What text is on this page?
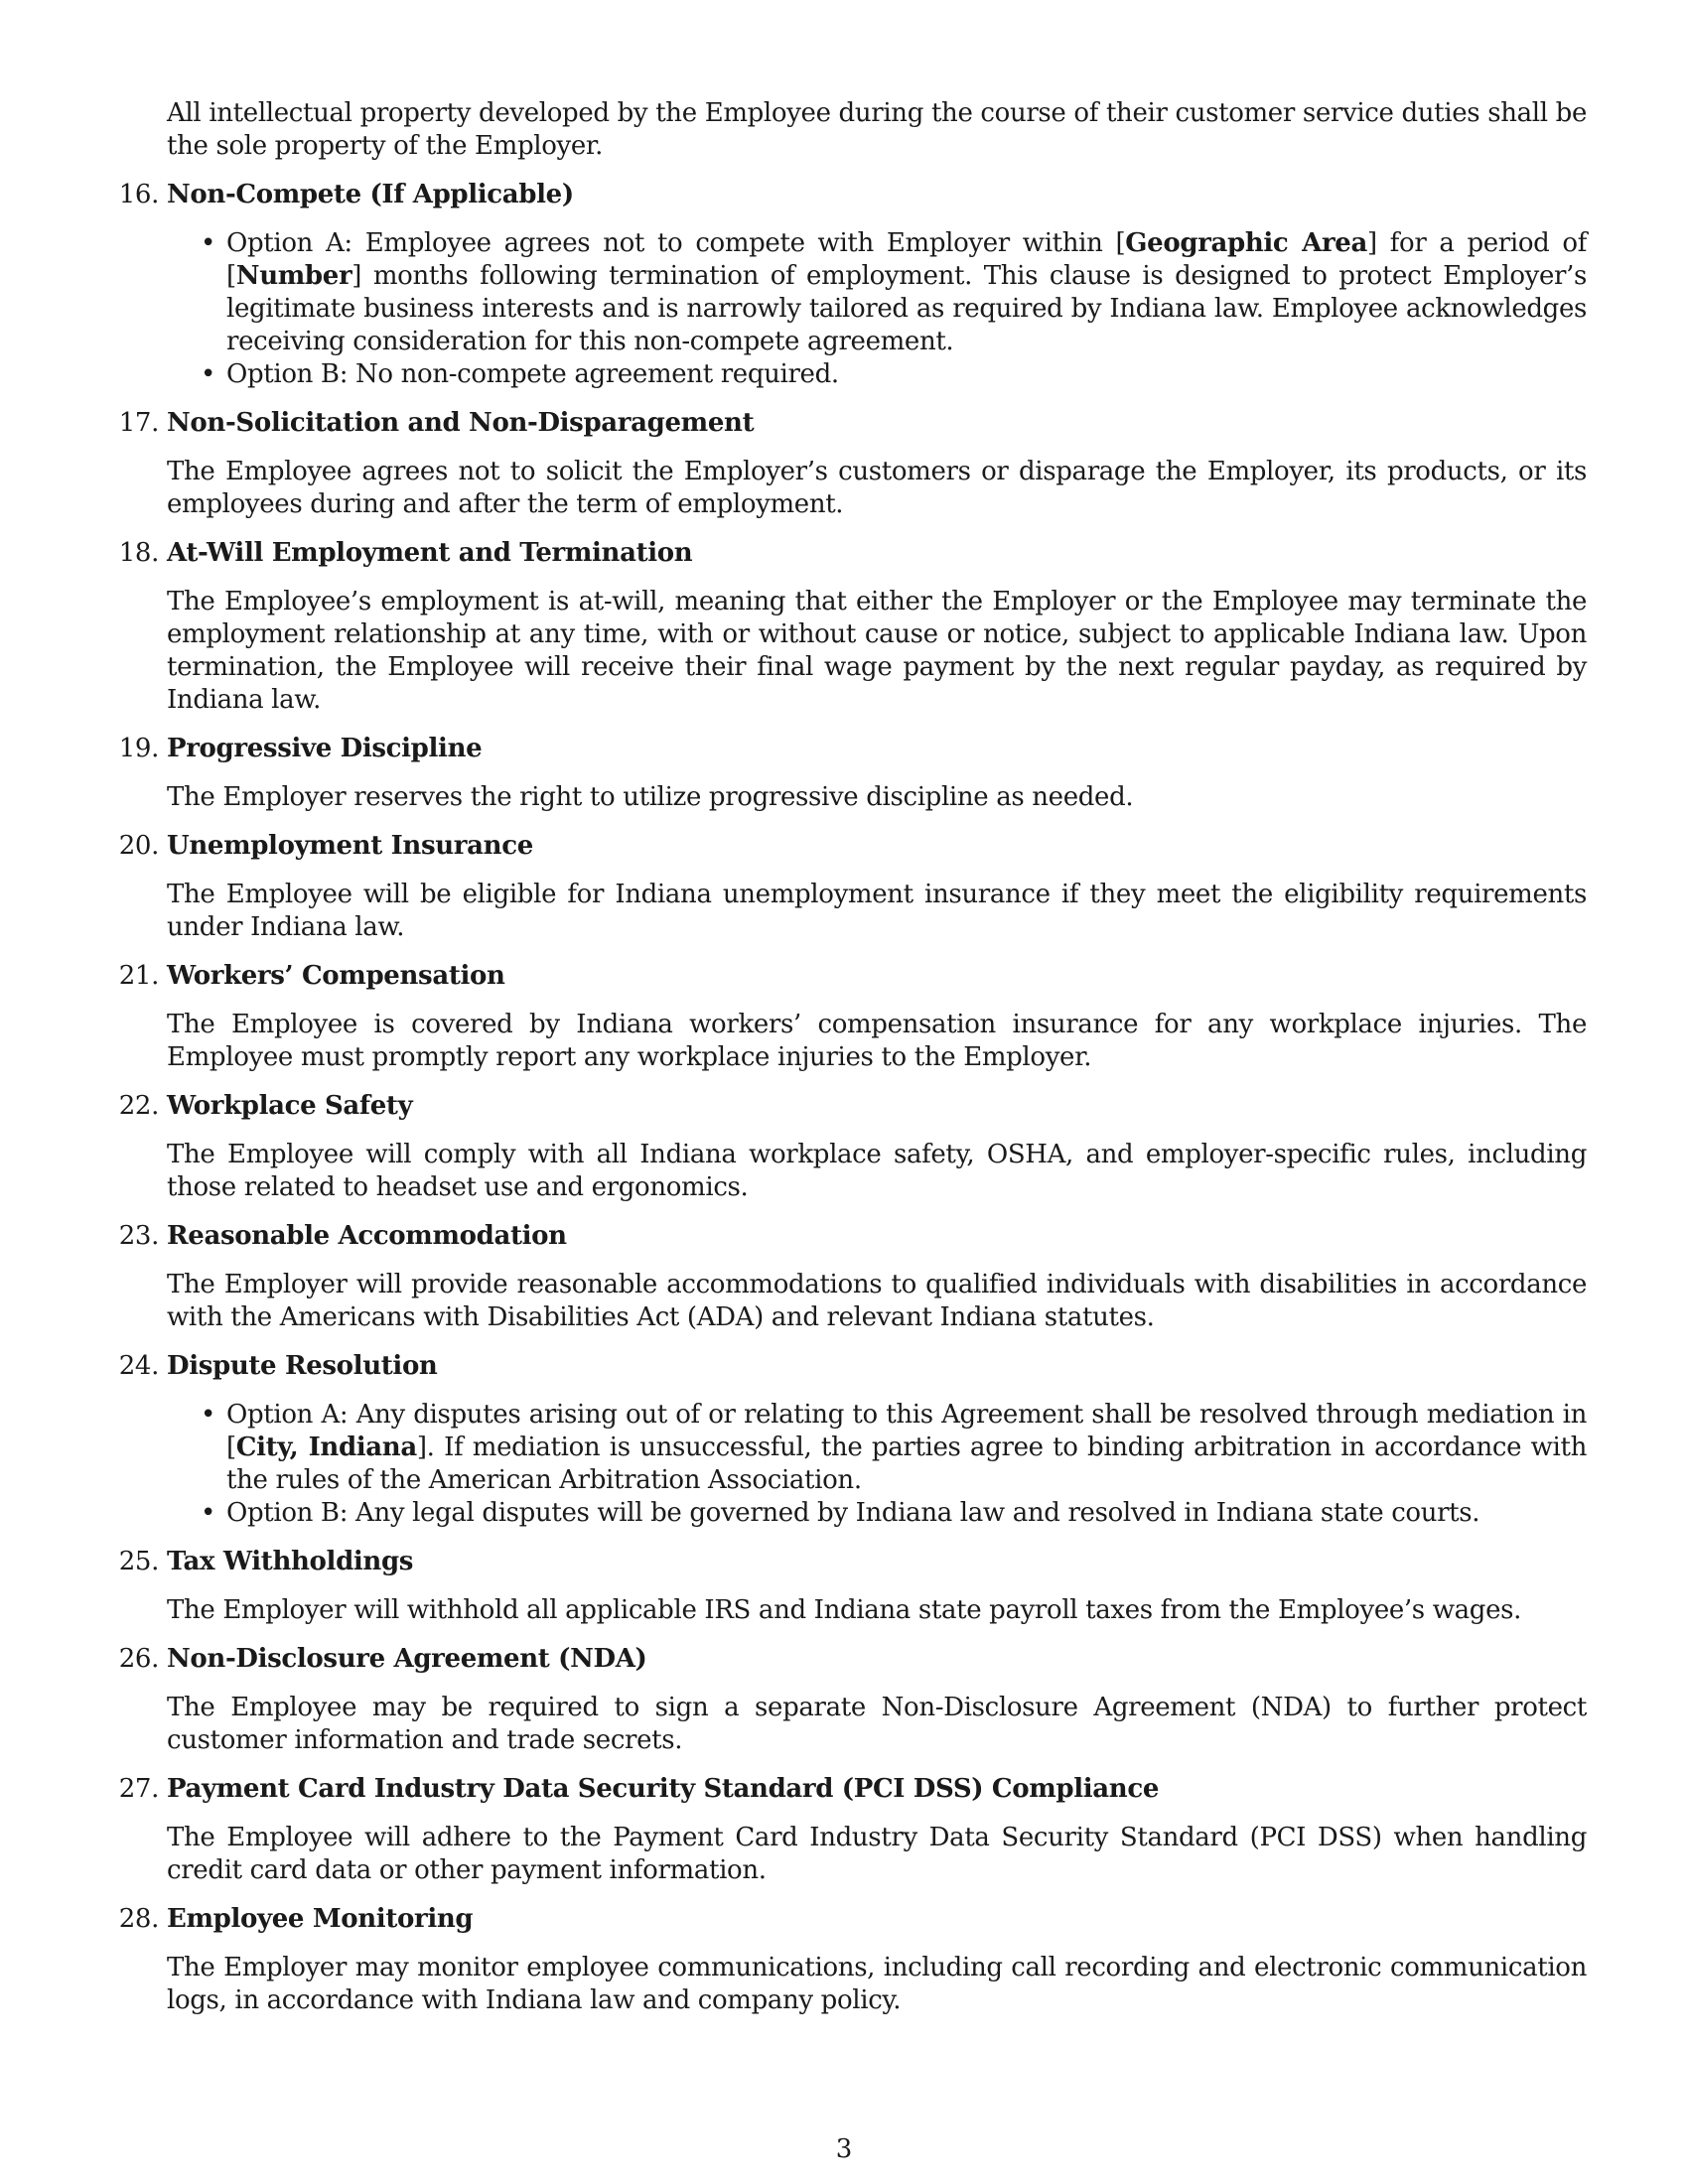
All intellectual property developed by the Employee during the course of their customer service duties shall be the sole property of the Employer.

16. Non-Compete (If Applicable)
• Option A: Employee agrees not to compete with Employer within [Geographic Area] for a period of [Number] months following termination of employment. This clause is designed to protect Employer’s legitimate business interests and is narrowly tailored as required by Indiana law. Employee acknowledges receiving consideration for this non-compete agreement.
• Option B: No non-compete agreement required.
17. Non-Solicitation and Non-Disparagement

The Employee agrees not to solicit the Employer’s customers or disparage the Employer, its products, or its employees during and after the term of employment.

18. At-Will Employment and Termination

The Employee’s employment is at-will, meaning that either the Employer or the Employee may terminate the employment relationship at any time, with or without cause or notice, subject to applicable Indiana law. Upon termination, the Employee will receive their final wage payment by the next regular payday, as required by Indiana law.

19. Progressive Discipline

The Employer reserves the right to utilize progressive discipline as needed.

20. Unemployment Insurance

The Employee will be eligible for Indiana unemployment insurance if they meet the eligibility requirements under Indiana law.

21. Workers’ Compensation

The Employee is covered by Indiana workers’ compensation insurance for any workplace injuries. The Employee must promptly report any workplace injuries to the Employer.

22. Workplace Safety

The Employee will comply with all Indiana workplace safety, OSHA, and employer-specific rules, including those related to headset use and ergonomics.

23. Reasonable Accommodation

The Employer will provide reasonable accommodations to qualified individuals with disabilities in accordance with the Americans with Disabilities Act (ADA) and relevant Indiana statutes.

24. Dispute Resolution
• Option A: Any disputes arising out of or relating to this Agreement shall be resolved through mediation in [City, Indiana]. If mediation is unsuccessful, the parties agree to binding arbitration in accordance with the rules of the American Arbitration Association.
• Option B: Any legal disputes will be governed by Indiana law and resolved in Indiana state courts.
25. Tax Withholdings

The Employer will withhold all applicable IRS and Indiana state payroll taxes from the Employee’s wages.

26. Non-Disclosure Agreement (NDA)

The Employee may be required to sign a separate Non-Disclosure Agreement (NDA) to further protect customer information and trade secrets.

27. Payment Card Industry Data Security Standard (PCI DSS) Compliance

The Employee will adhere to the Payment Card Industry Data Security Standard (PCI DSS) when handling credit card data or other payment information.

28. Employee Monitoring

The Employer may monitor employee communications, including call recording and electronic communication logs, in accordance with Indiana law and company policy.

3
